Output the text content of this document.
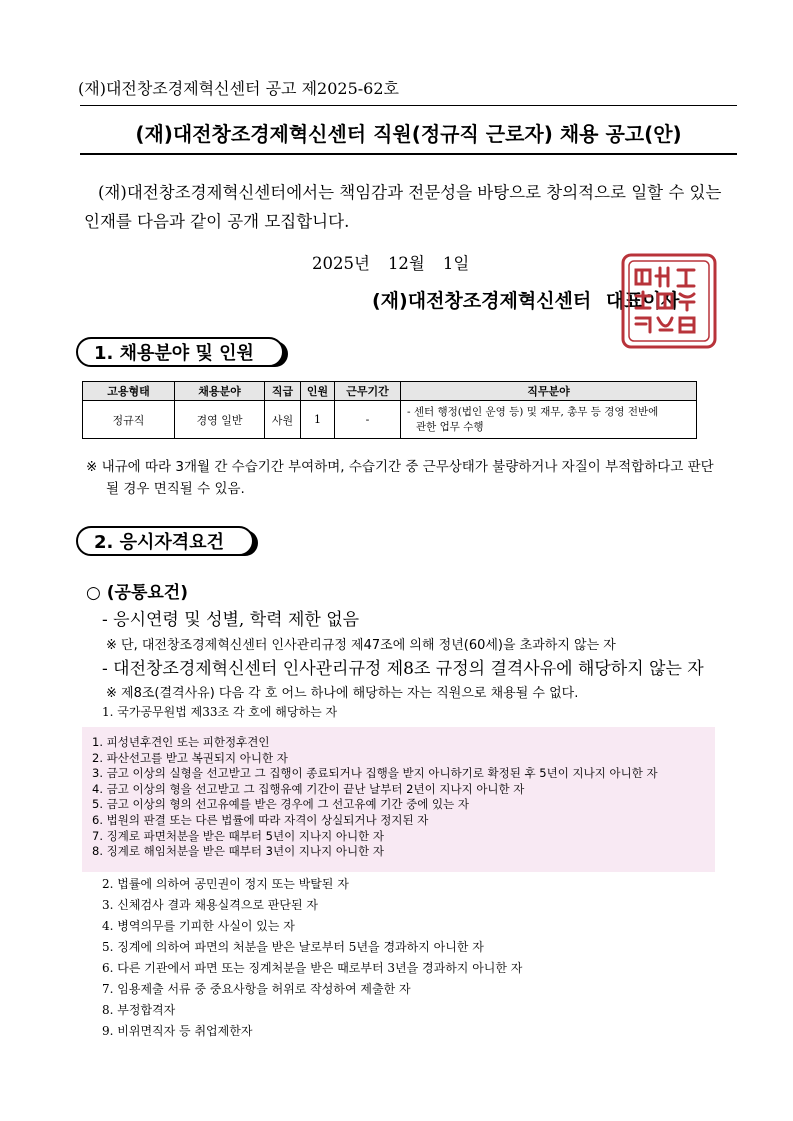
(재)대전창조경제혁신센터 공고 제2025-62호
(재)대전창조경제혁신센터 직원(정규직 근로자) 채용 공고(안)
(재)대전창조경제혁신센터에서는 책임감과 전문성을 바탕으로 창의적으로 일할 수 있는 인재를 다음과 같이 공개 모집합니다.
2025년 12월 1일
(재)대전창조경제혁신센터 대표이사
1. 채용분야 및 인원
고용형태	채용분야	직급	인원	근무기간	직무분야
정규직	경영 일반	사원	1	-	- 센터 행정(법인 운영 등) 및 재무, 총무 등 경영 전반에
관한 업무 수행
※ 내규에 따라 3개월 간 수습기간 부여하며, 수습기간 중 근무상태가 불량하거나 자질이 부적합하다고 판단될 경우 면직될 수 있음.
2. 응시자격요건
○ (공통요건)
- 응시연령 및 성별, 학력 제한 없음
※ 단, 대전창조경제혁신센터 인사관리규정 제47조에 의해 정년(60세)을 초과하지 않는 자
- 대전창조경제혁신센터 인사관리규정 제8조 규정의 결격사유에 해당하지 않는 자
※ 제8조(결격사유) 다음 각 호 어느 하나에 해당하는 자는 직원으로 채용될 수 없다.
1. 국가공무원법 제33조 각 호에 해당하는 자
1. 피성년후견인 또는 피한정후견인
2. 파산선고를 받고 복권되지 아니한 자
3. 금고 이상의 실형을 선고받고 그 집행이 종료되거나 집행을 받지 아니하기로 확정된 후 5년이 지나지 아니한 자
4. 금고 이상의 형을 선고받고 그 집행유예 기간이 끝난 날부터 2년이 지나지 아니한 자
5. 금고 이상의 형의 선고유예를 받은 경우에 그 선고유예 기간 중에 있는 자
6. 법원의 판결 또는 다른 법률에 따라 자격이 상실되거나 정지된 자
7. 징계로 파면처분을 받은 때부터 5년이 지나지 아니한 자
8. 징계로 해임처분을 받은 때부터 3년이 지나지 아니한 자
2. 법률에 의하여 공민권이 정지 또는 박탈된 자
3. 신체검사 결과 채용실격으로 판단된 자
4. 병역의무를 기피한 사실이 있는 자
5. 징계에 의하여 파면의 처분을 받은 날로부터 5년을 경과하지 아니한 자
6. 다른 기관에서 파면 또는 징계처분을 받은 때로부터 3년을 경과하지 아니한 자
7. 임용제출 서류 중 중요사항을 허위로 작성하여 제출한 자
8. 부정합격자
9. 비위면직자 등 취업제한자
